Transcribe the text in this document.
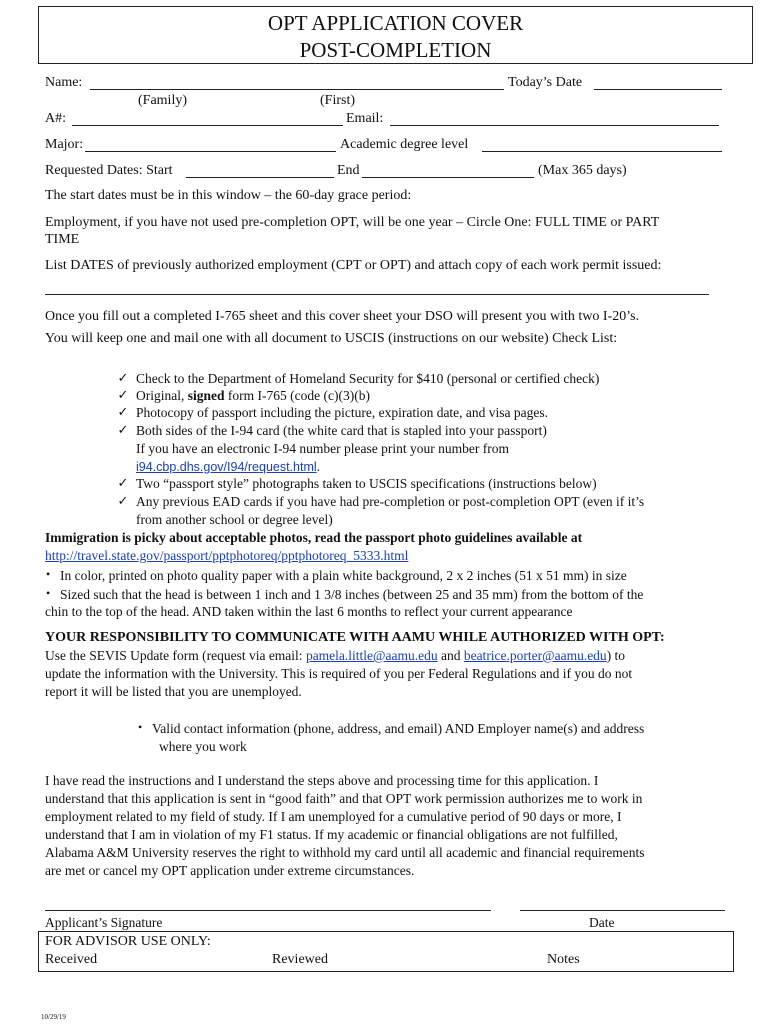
OPT APPLICATION COVER
POST-COMPLETION
Name:	Today’s Date
(Family)	(First)
A#:	Email:
Major:	Academic degree level
Requested Dates: Start	End	(Max 365 days)
The start dates must be in this window – the 60-day grace period:
Employment, if you have not used pre-completion OPT, will be one year – Circle One: FULL TIME or PART
TIME
List DATES of previously authorized employment (CPT or OPT) and attach copy of each work permit issued:
Once you fill out a completed I-765 sheet and this cover sheet your DSO will present you with two I-20’s.
You will keep one and mail one with all document to USCIS (instructions on our website) Check List:
✓ Check to the Department of Homeland Security for $410 (personal or certified check)
✓ Original, signed form I-765 (code (c)(3)(b)
✓ Photocopy of passport including the picture, expiration date, and visa pages.
✓ Both sides of the I-94 card (the white card that is stapled into your passport)
If you have an electronic I-94 number please print your number from
i94.cbp.dhs.gov/I94/request.html.
✓ Two “passport style” photographs taken to USCIS specifications (instructions below)
✓ Any previous EAD cards if you have had pre-completion or post-completion OPT (even if it’s
from another school or degree level)
Immigration is picky about acceptable photos, read the passport photo guidelines available at
http://travel.state.gov/passport/pptphotoreq/pptphotoreq_5333.html
• In color, printed on photo quality paper with a plain white background, 2 x 2 inches (51 x 51 mm) in size
• Sized such that the head is between 1 inch and 1 3/8 inches (between 25 and 35 mm) from the bottom of the
chin to the top of the head. AND taken within the last 6 months to reflect your current appearance
YOUR RESPONSIBILITY TO COMMUNICATE WITH AAMU WHILE AUTHORIZED WITH OPT:
Use the SEVIS Update form (request via email: pamela.little@aamu.edu and beatrice.porter@aamu.edu) to
update the information with the University. This is required of you per Federal Regulations and if you do not
report it will be listed that you are unemployed.
• Valid contact information (phone, address, and email) AND Employer name(s) and address
where you work
I have read the instructions and I understand the steps above and processing time for this application. I
understand that this application is sent in “good faith” and that OPT work permission authorizes me to work in
employment related to my field of study. If I am unemployed for a cumulative period of 90 days or more, I
understand that I am in violation of my F1 status. If my academic or financial obligations are not fulfilled,
Alabama A&M University reserves the right to withhold my card until all academic and financial requirements
are met or cancel my OPT application under extreme circumstances.
Applicant’s Signature	Date
FOR ADVISOR USE ONLY:
Received	Reviewed	Notes
10/29/19
